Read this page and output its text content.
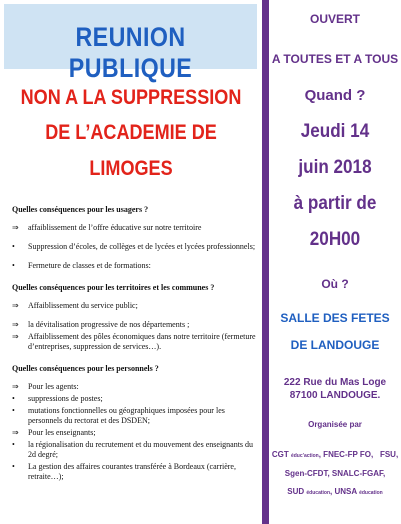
REUNION PUBLIQUE
NON A LA SUPPRESSION
DE L’ACADEMIE DE
LIMOGES
Quelles conséquences pour les usagers ?
⇒ affaiblissement de l’offre éducative sur notre territoire
• Suppression d’écoles, de collèges et de lycées et lycées professionnels;
• Fermeture de classes et de formations:
Quelles conséquences pour les territoires et les communes ?
⇒ Affaiblissement du service public;
⇒ la dévitalisation progressive de nos départements ;
⇒ Affaiblissement des pôles économiques dans notre territoire (fermeture d’entreprises, suppression de services…).
Quelles conséquences pour les personnels ?
⇒ Pour les agents:
• suppressions de postes;
• mutations fonctionnelles ou géographiques imposées pour les personnels du rectorat et des DSDEN;
⇒ Pour les enseignants;
• la régionalisation du recrutement et du mouvement des enseignants du 2d degré;
• La gestion des affaires courantes transférée à Bordeaux (carrière, retraite…);
OUVERT
A TOUTES ET A TOUS
Quand ?
Jeudi 14
juin 2018
à partir de
20H00
Où ?
SALLE DES FETES
DE LANDOUGE
222 Rue du Mas Loge
87100 LANDOUGE.
Organisée par
CGT éduc’action, FNEC-FP FO, FSU,
Sgen-CFDT, SNALC-FGAF,
SUD éducation, UNSA éducation
